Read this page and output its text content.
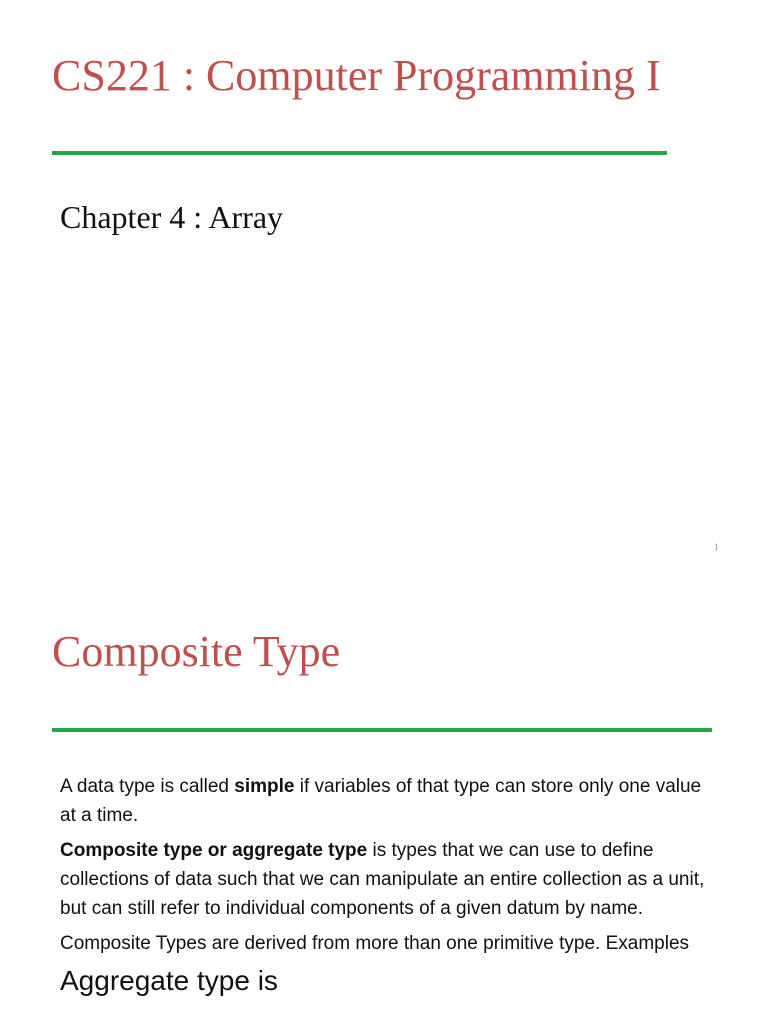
CS221 : Computer Programming I
Chapter 4 : Array
1
Composite Type

A data type is called simple if variables of that type can store only one value at a time.

Composite type or aggregate type is types that we can use to define collections of data such that we can manipulate an entire collection as a unit, but can still refer to individual components of a given datum by name.

Composite Types are derived from more than one primitive type. Examples

Aggregate type is
